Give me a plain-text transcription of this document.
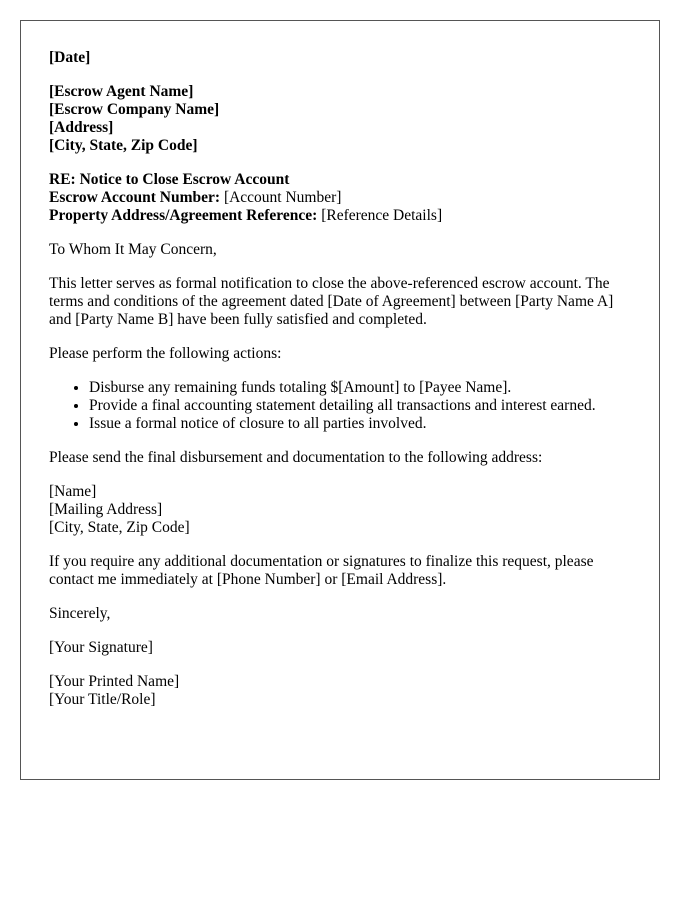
[Date]
[Escrow Agent Name]
[Escrow Company Name]
[Address]
[City, State, Zip Code]
RE: Notice to Close Escrow Account
Escrow Account Number: [Account Number]
Property Address/Agreement Reference: [Reference Details]

To Whom It May Concern,

This letter serves as formal notification to close the above-referenced escrow account. The terms and conditions of the agreement dated [Date of Agreement] between [Party Name A] and [Party Name B] have been fully satisfied and completed.

Please perform the following actions:

• Disburse any remaining funds totaling $[Amount] to [Payee Name].
• Provide a final accounting statement detailing all transactions and interest earned.
• Issue a formal notice of closure to all parties involved.

Please send the final disbursement and documentation to the following address:

[Name]
[Mailing Address]
[City, State, Zip Code]

If you require any additional documentation or signatures to finalize this request, please contact me immediately at [Phone Number] or [Email Address].

Sincerely,

[Your Signature]

[Your Printed Name]
[Your Title/Role]
